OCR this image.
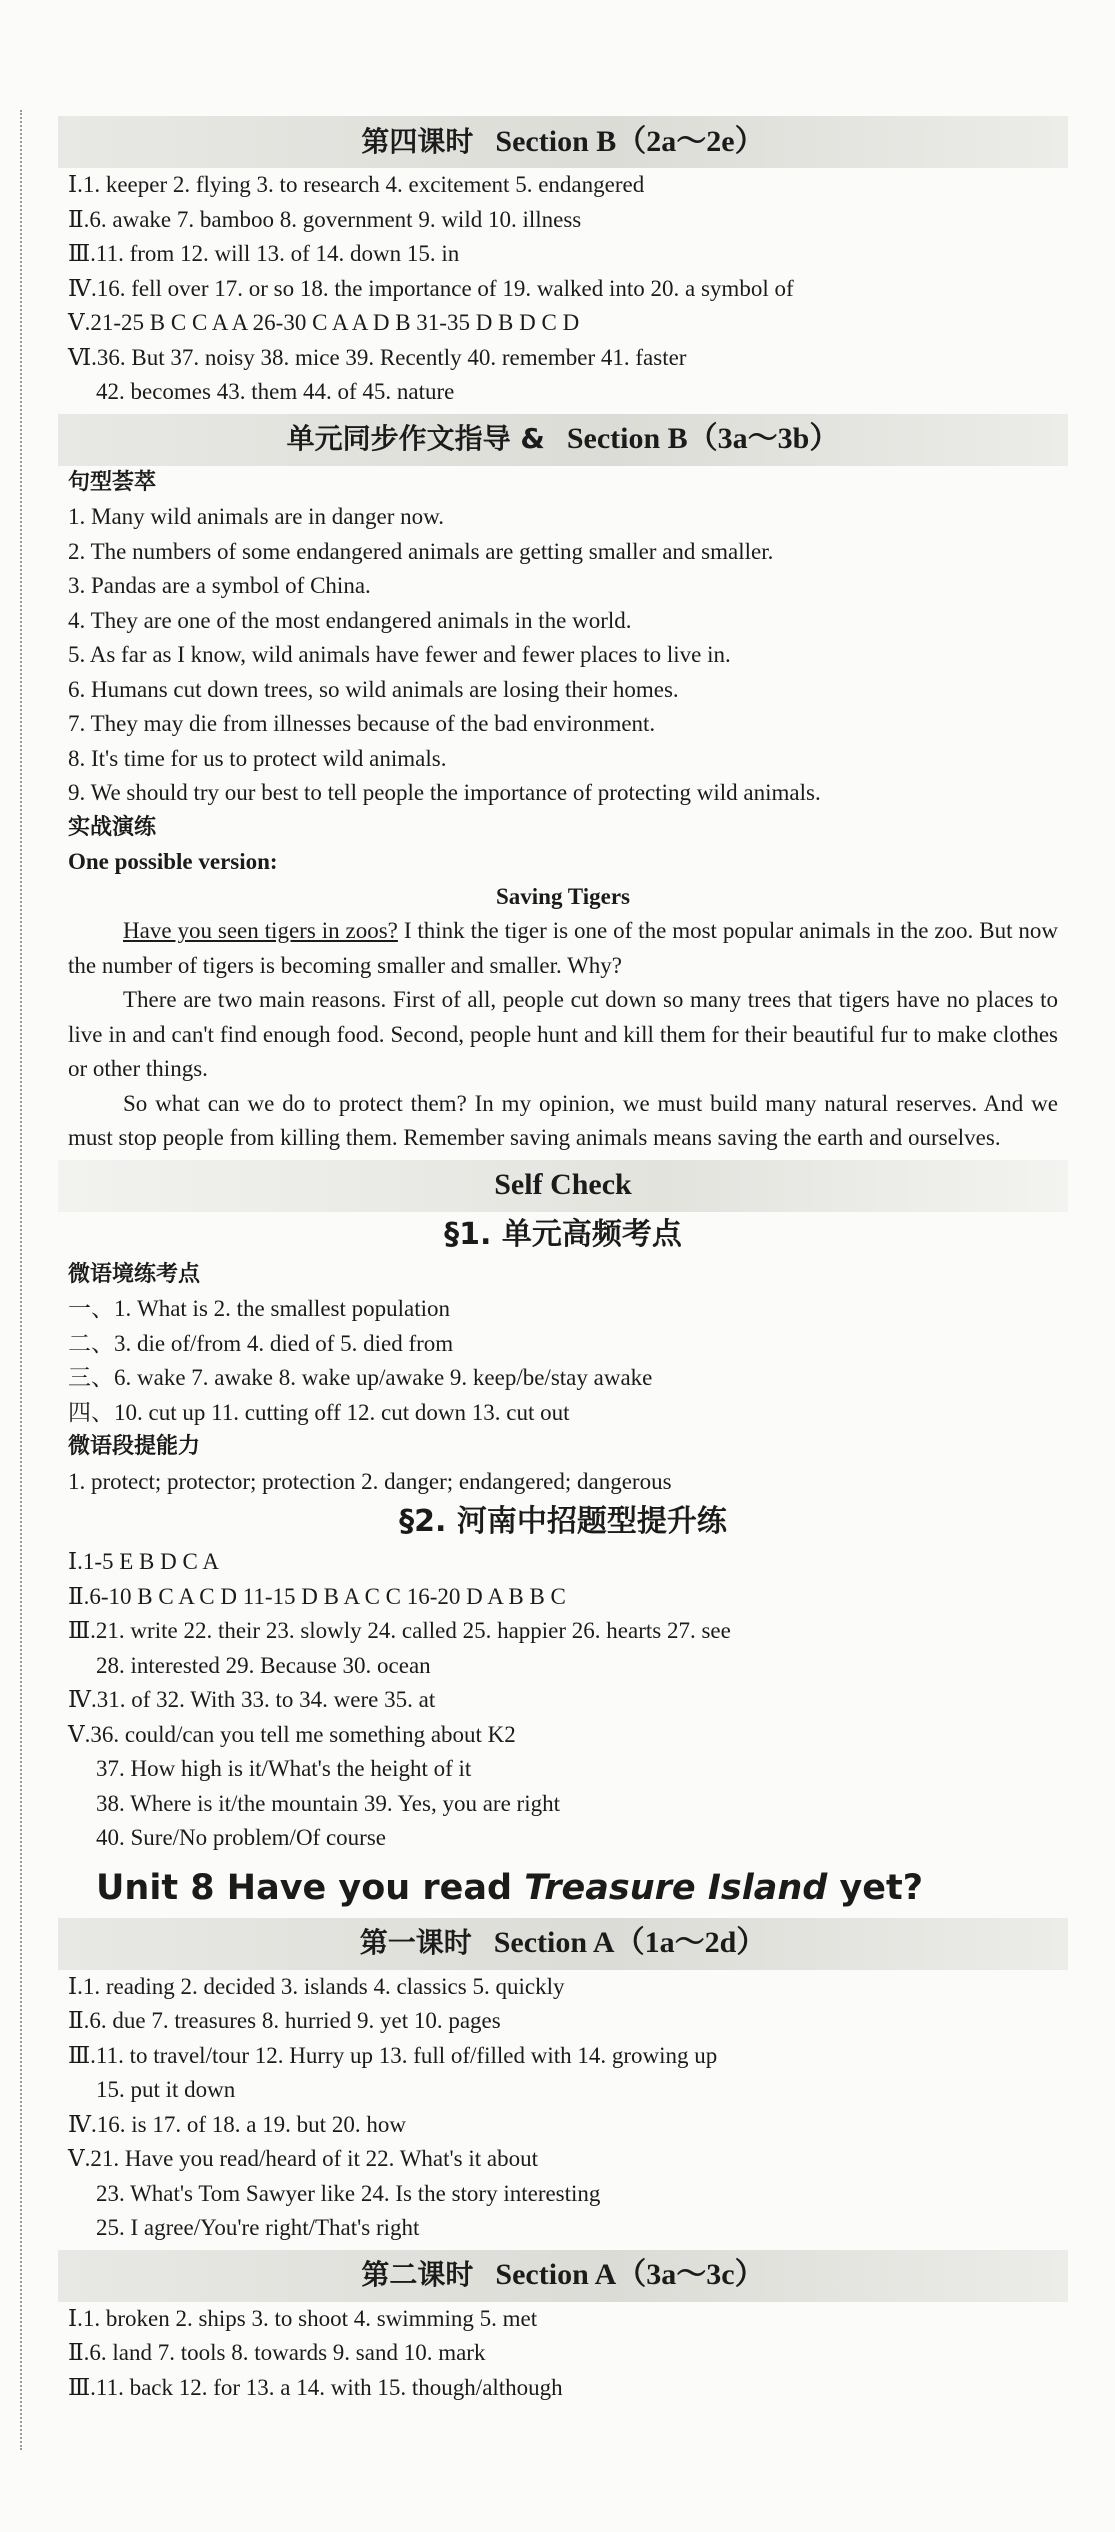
第四课时 Section B（2a～2e）
Ⅰ.1. keeper 2. flying 3. to research 4. excitement 5. endangered
Ⅱ.6. awake 7. bamboo 8. government 9. wild 10. illness
Ⅲ.11. from 12. will 13. of 14. down 15. in
Ⅳ.16. fell over 17. or so 18. the importance of 19. walked into 20. a symbol of
Ⅴ.21-25 B C C A A 26-30 C A A D B 31-35 D B D C D
Ⅵ.36. But 37. noisy 38. mice 39. Recently 40. remember 41. faster
42. becomes 43. them 44. of 45. nature
单元同步作文指导 & Section B（3a～3b）
句型荟萃
1. Many wild animals are in danger now.
2. The numbers of some endangered animals are getting smaller and smaller.
3. Pandas are a symbol of China.
4. They are one of the most endangered animals in the world.
5. As far as I know, wild animals have fewer and fewer places to live in.
6. Humans cut down trees, so wild animals are losing their homes.
7. They may die from illnesses because of the bad environment.
8. It's time for us to protect wild animals.
9. We should try our best to tell people the importance of protecting wild animals.
实战演练
One possible version:
Saving Tigers
Have you seen tigers in zoos? I think the tiger is one of the most popular animals in the zoo. But now the number of tigers is becoming smaller and smaller. Why?
There are two main reasons. First of all, people cut down so many trees that tigers have no places to live in and can't find enough food. Second, people hunt and kill them for their beautiful fur to make clothes or other things.
So what can we do to protect them? In my opinion, we must build many natural reserves. And we must stop people from killing them. Remember saving animals means saving the earth and ourselves.
Self Check
§1. 单元高频考点
微语境练考点
一、1. What is 2. the smallest population
二、3. die of/from 4. died of 5. died from
三、6. wake 7. awake 8. wake up/awake 9. keep/be/stay awake
四、10. cut up 11. cutting off 12. cut down 13. cut out
微语段提能力
1. protect; protector; protection 2. danger; endangered; dangerous
§2. 河南中招题型提升练
Ⅰ.1-5 E B D C A
Ⅱ.6-10 B C A C D 11-15 D B A C C 16-20 D A B B C
Ⅲ.21. write 22. their 23. slowly 24. called 25. happier 26. hearts 27. see
28. interested 29. Because 30. ocean
Ⅳ.31. of 32. With 33. to 34. were 35. at
Ⅴ.36. could/can you tell me something about K2
37. How high is it/What's the height of it
38. Where is it/the mountain 39. Yes, you are right
40. Sure/No problem/Of course
Unit 8 Have you read Treasure Island yet?
第一课时 Section A（1a～2d）
Ⅰ.1. reading 2. decided 3. islands 4. classics 5. quickly
Ⅱ.6. due 7. treasures 8. hurried 9. yet 10. pages
Ⅲ.11. to travel/tour 12. Hurry up 13. full of/filled with 14. growing up
15. put it down
Ⅳ.16. is 17. of 18. a 19. but 20. how
Ⅴ.21. Have you read/heard of it 22. What's it about
23. What's Tom Sawyer like 24. Is the story interesting
25. I agree/You're right/That's right
第二课时 Section A（3a～3c）
Ⅰ.1. broken 2. ships 3. to shoot 4. swimming 5. met
Ⅱ.6. land 7. tools 8. towards 9. sand 10. mark
Ⅲ.11. back 12. for 13. a 14. with 15. though/although
